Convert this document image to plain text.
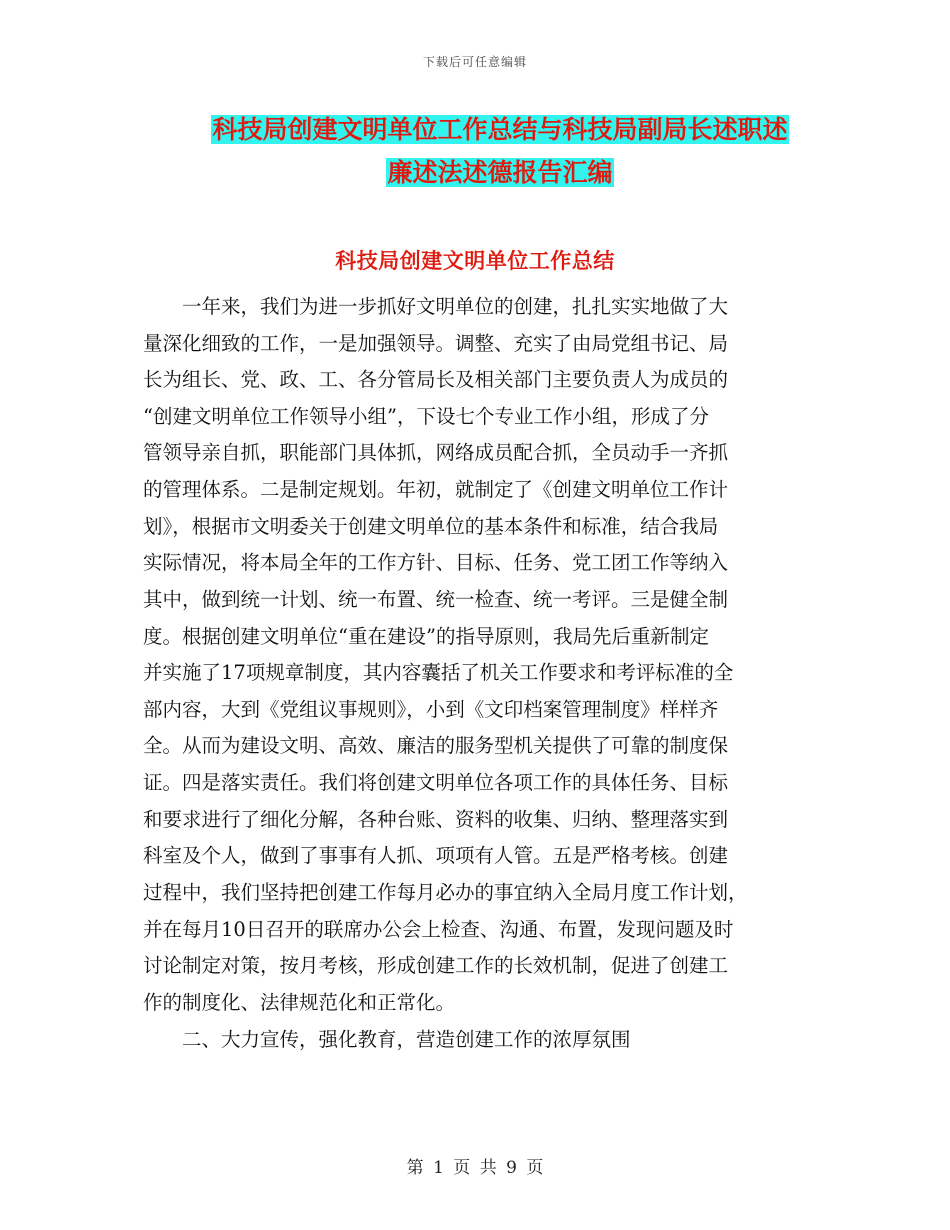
下载后可任意编辑
科技局创建文明单位工作总结与科技局副局长述职述
廉述法述德报告汇编
科技局创建文明单位工作总结
　　一年来，我们为进一步抓好文明单位的创建，扎扎实实地做了大
量深化细致的工作，一是加强领导。调整、充实了由局党组书记、局
长为组长、党、政、工、各分管局长及相关部门主要负责人为成员的
“创建文明单位工作领导小组”，下设七个专业工作小组，形成了分
管领导亲自抓，职能部门具体抓，网络成员配合抓，全员动手一齐抓
的管理体系。二是制定规划。年初，就制定了《创建文明单位工作计
划》，根据市文明委关于创建文明单位的基本条件和标准，结合我局
实际情况，将本局全年的工作方针、目标、任务、党工团工作等纳入
其中，做到统一计划、统一布置、统一检查、统一考评。三是健全制
度。根据创建文明单位“重在建设”的指导原则，我局先后重新制定
并实施了17项规章制度，其内容囊括了机关工作要求和考评标准的全
部内容，大到《党组议事规则》，小到《文印档案管理制度》样样齐
全。从而为建设文明、高效、廉洁的服务型机关提供了可靠的制度保
证。四是落实责任。我们将创建文明单位各项工作的具体任务、目标
和要求进行了细化分解，各种台账、资料的收集、归纳、整理落实到
科室及个人，做到了事事有人抓、项项有人管。五是严格考核。创建
过程中，我们坚持把创建工作每月必办的事宜纳入全局月度工作计划，
并在每月10日召开的联席办公会上检查、沟通、布置，发现问题及时
讨论制定对策，按月考核，形成创建工作的长效机制，促进了创建工
作的制度化、法律规范化和正常化。
　　二、大力宣传，强化教育，营造创建工作的浓厚氛围
第 1 页 共 9 页
